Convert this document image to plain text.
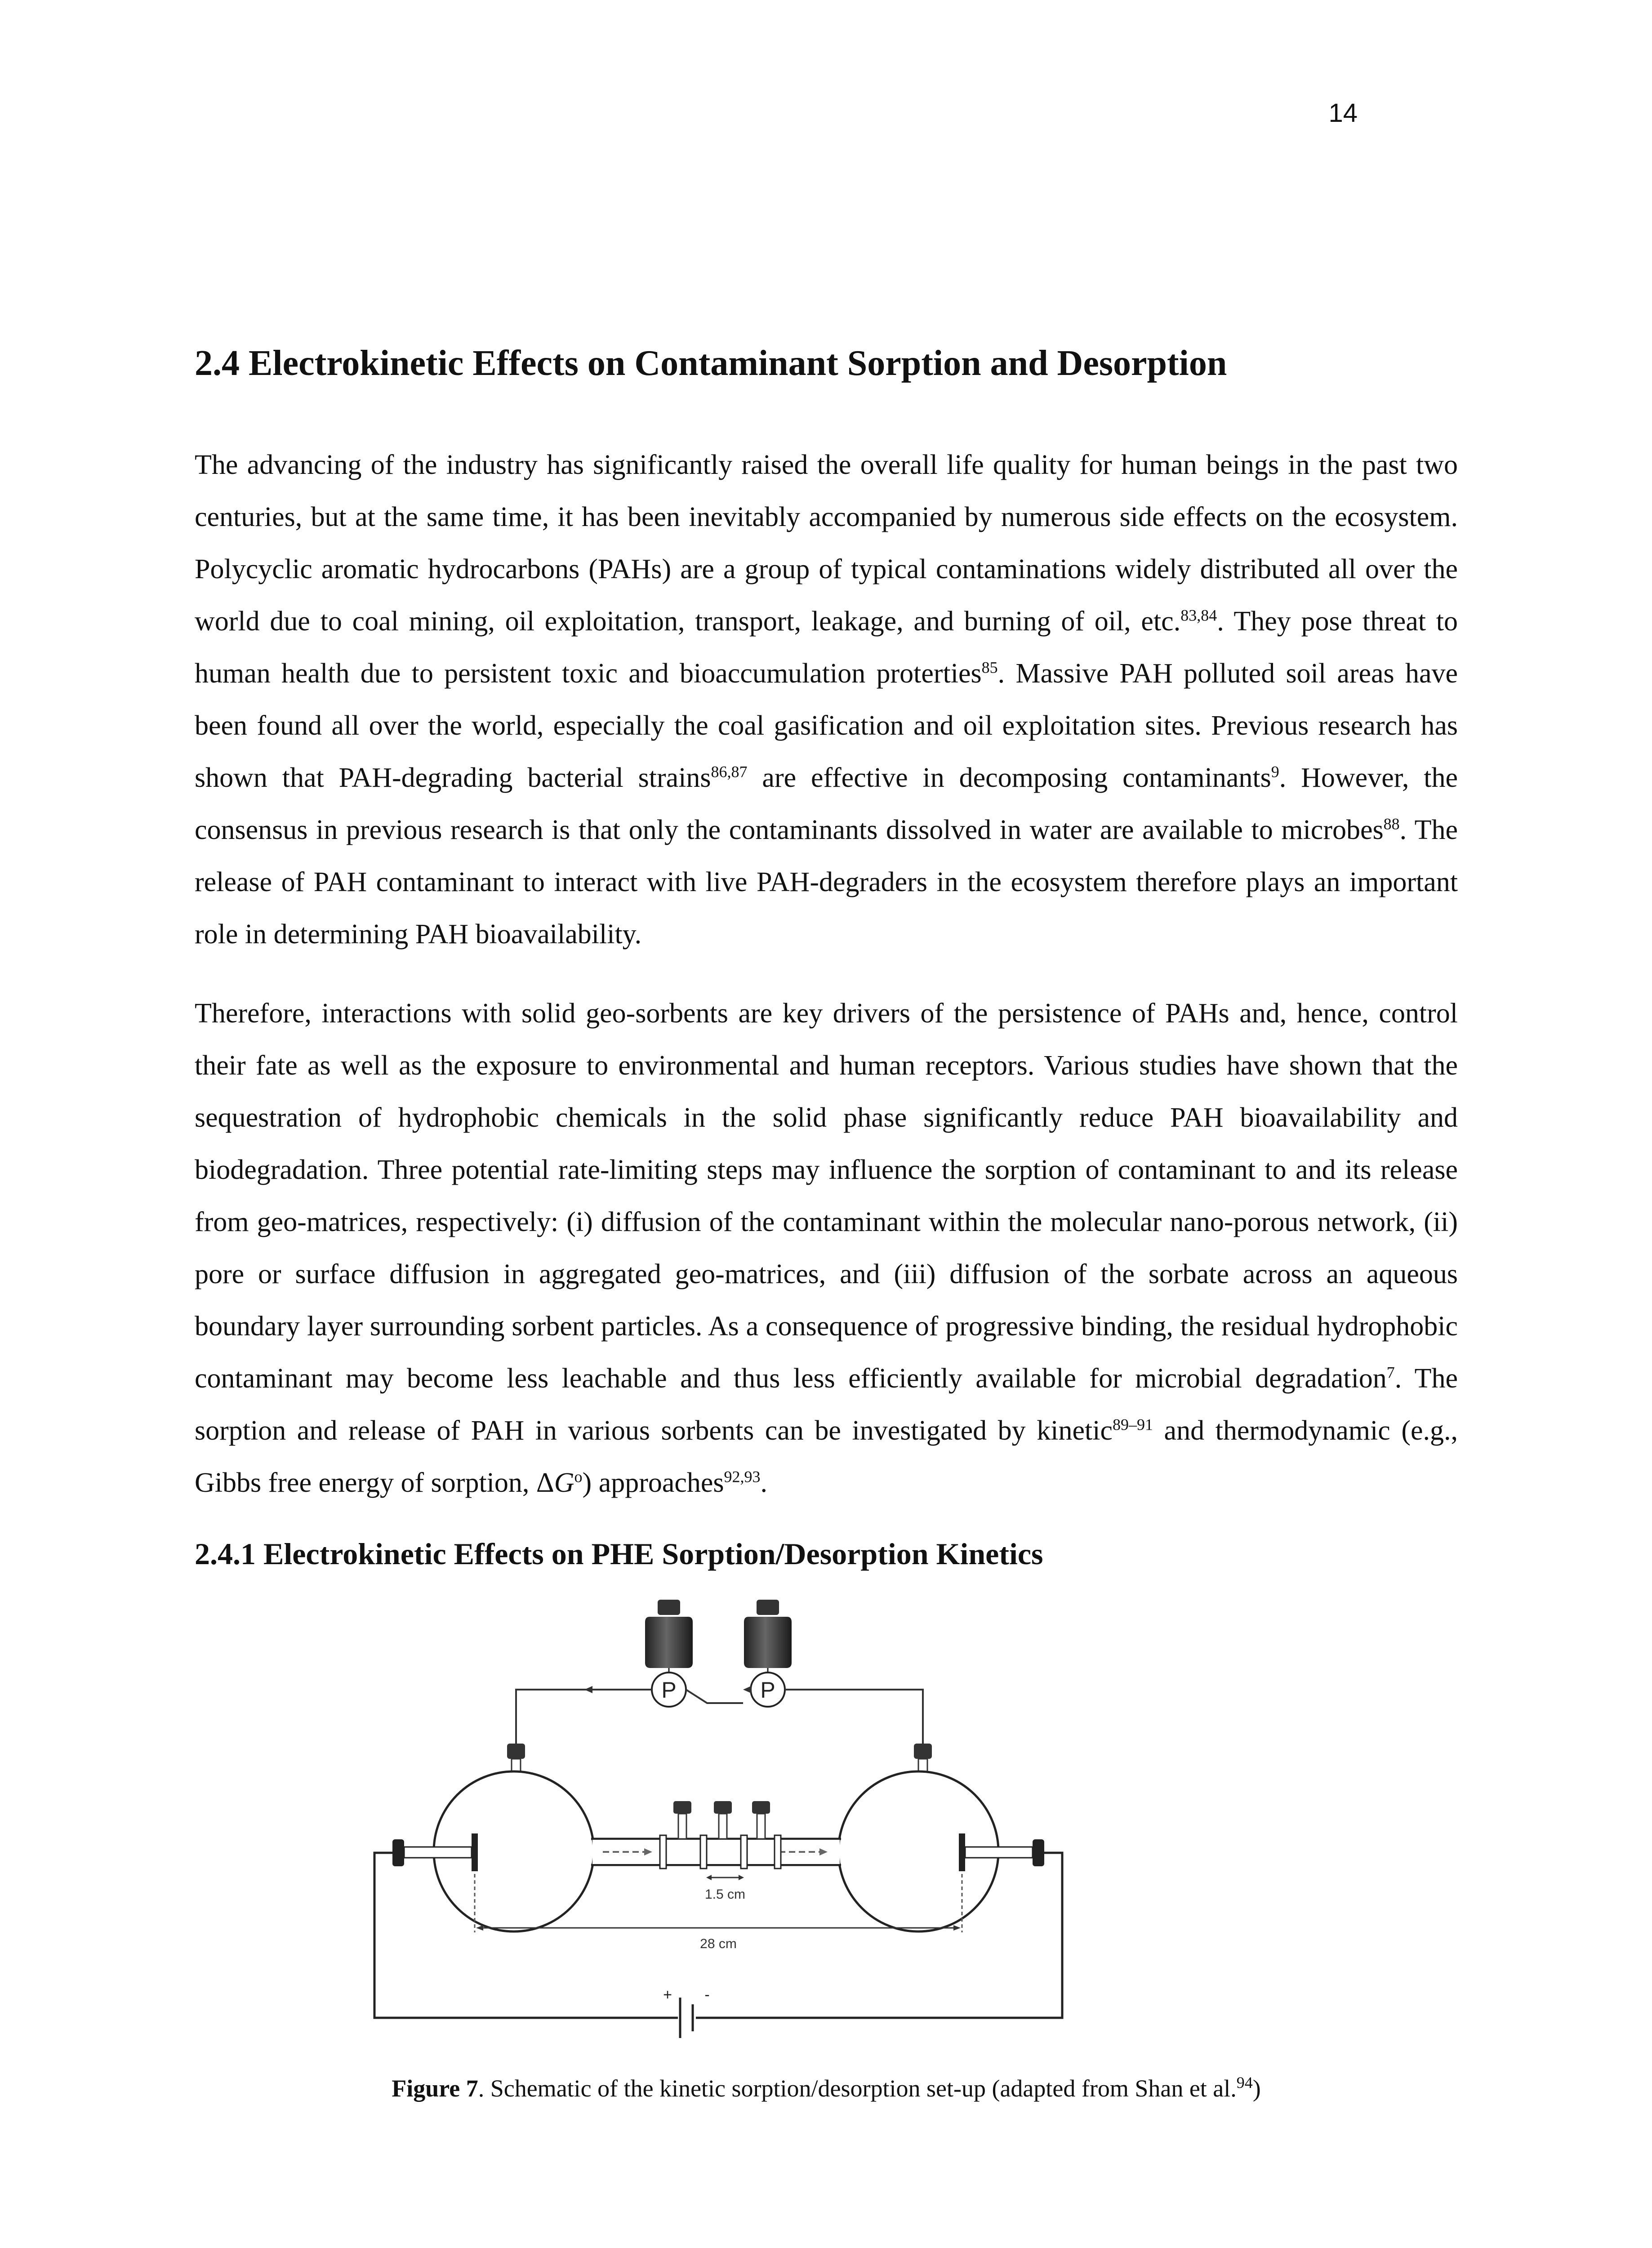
14
2.4 Electrokinetic Effects on Contaminant Sorption and Desorption

The advancing of the industry has significantly raised the overall life quality for human beings in the past two centuries, but at the same time, it has been inevitably accompanied by numerous side effects on the ecosystem. Polycyclic aromatic hydrocarbons (PAHs) are a group of typical contaminations widely distributed all over the world due to coal mining, oil exploitation, transport, leakage, and burning of oil, etc.$^{83,84}$. They pose threat to human health due to persistent toxic and bioaccumulation proterties$^{85}$. Massive PAH polluted soil areas have been found all over the world, especially the coal gasification and oil exploitation sites. Previous research has shown that PAH-degrading bacterial strains$^{86,87}$ are effective in decomposing contaminants$^9$. However, the consensus in previous research is that only the contaminants dissolved in water are available to microbes$^{88}$. The release of PAH contaminant to interact with live PAH-degraders in the ecosystem therefore plays an important role in determining PAH bioavailability.

Therefore, interactions with solid geo-sorbents are key drivers of the persistence of PAHs and, hence, control their fate as well as the exposure to environmental and human receptors. Various studies have shown that the sequestration of hydrophobic chemicals in the solid phase significantly reduce PAH bioavailability and biodegradation. Three potential rate-limiting steps may influence the sorption of contaminant to and its release from geo-matrices, respectively: (i) diffusion of the contaminant within the molecular nano-porous network, (ii) pore or surface diffusion in aggregated geo-matrices, and (iii) diffusion of the sorbate across an aqueous boundary layer surrounding sorbent particles. As a consequence of progressive binding, the residual hydrophobic contaminant may become less leachable and thus less efficiently available for microbial degradation$^7$. The sorption and release of PAH in various sorbents can be investigated by kinetic$^{89-91}$ and thermodynamic (e.g., Gibbs free energy of sorption, $\Delta G^o$) approaches$^{92,93}$.

2.4.1 Electrokinetic Effects on PHE Sorption/Desorption Kinetics
P	P
1.5 cm
28 cm
+ -
Figure 7. Schematic of the kinetic sorption/desorption set-up (adapted from Shan et al.$^{94}$)
